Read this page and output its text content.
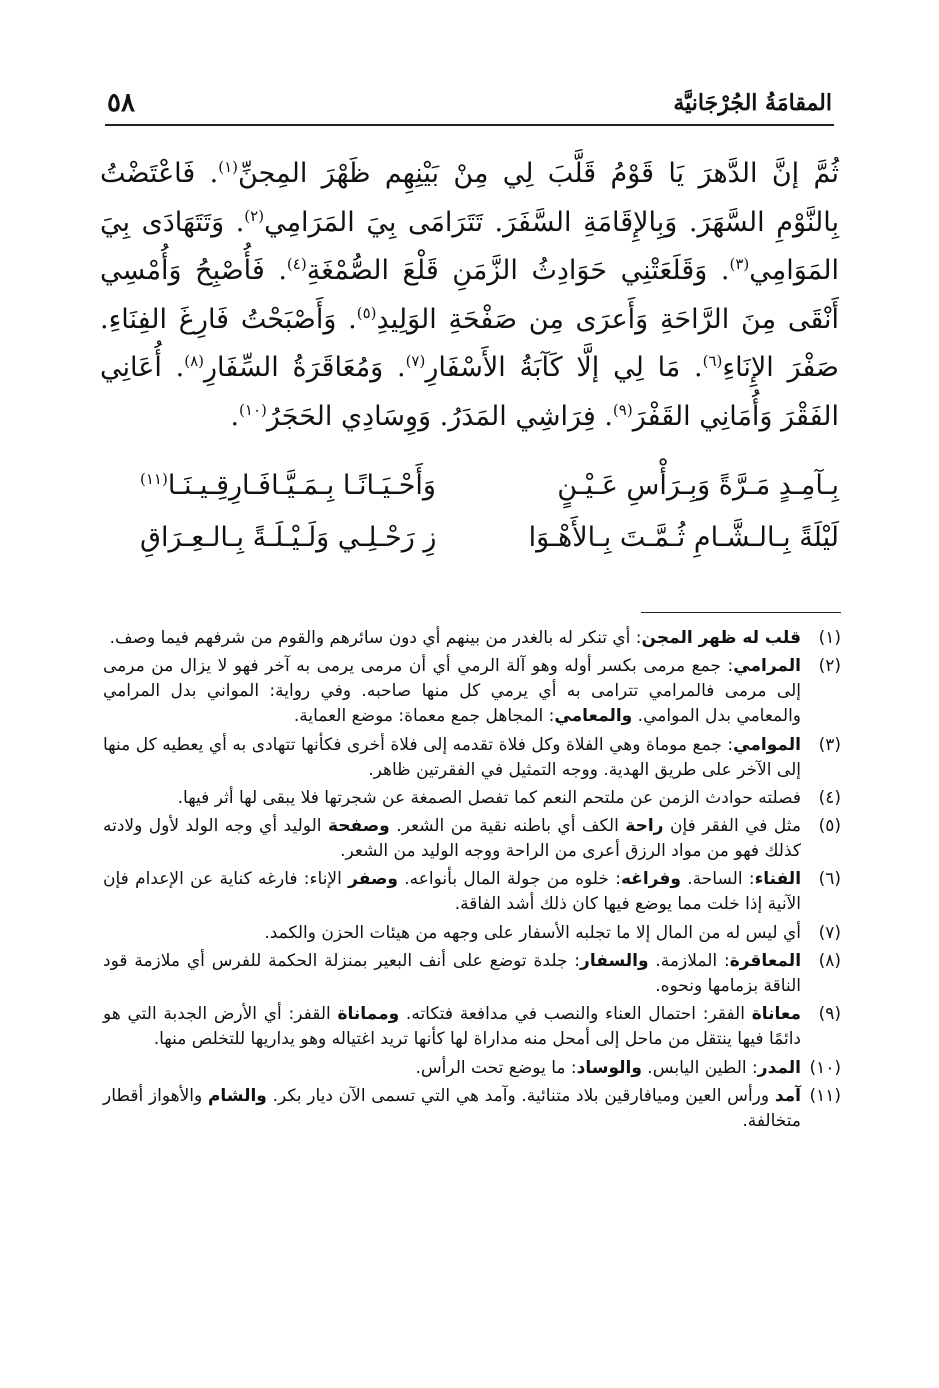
٥٨	المقامَةُ الجُرْجَانيَّة

ثُمَّ إنَّ الدَّهرَ يَا قَوْمُ قَلَّبَ لِي مِنْ بَيْنِهِم ظَهْرَ المِجنِّ$^{(١)}$. فَاعْتَضْتُ بِالنَّوْمِ السَّهَرَ. وَبِالإِقَامَةِ السَّفَرَ. تَتَرَامَى بِيَ المَرَامِي$^{(٢)}$. وَتَتَهَادَى بِيَ المَوَامِي$^{(٣)}$. وَقَلَعَتْنِي حَوَادِثُ الزَّمَنِ قَلْعَ الصُّمْغَةِ$^{(٤)}$. فَأُصْبِحُ وَأُمْسِي أَنْقَى مِنَ الرَّاحَةِ وَأَعرَى مِن صَفْحَةِ الوَلِيدِ$^{(٥)}$. وَأَصْبَحْتُ فَارِغَ الفِنَاءِ. صَفْرَ الإِنَاءِ$^{(٦)}$. مَا لِي إلَّا كَآبَةُ الأَسْفَارِ$^{(٧)}$. وَمُعَاقَرَةُ السِّفَارِ$^{(٨)}$. أُعَانِي الفَقْرَ وَأُمَانِي القَفْرَ$^{(٩)}$. فِرَاشِي المَدَرُ. وَوِسَادِي الحَجَرُ$^{(١٠)}$.

بِـآمِـدٍ مَـرَّةً وَبِـرَأْسِ عَـيْـنٍ
وَأَحْـيَـانًـا بِـمَـيَّـافَـارِقِـيـنَـا$^{(١١)}$
لَيْلَةً بِـالـشَّـامِ ثُـمَّـتَ بِـالأَهْـوَا
زِ رَحْـلِـي وَلَـيْـلَـةً بِـالـعِـرَاقِ
(١)
قلب له ظهر المجن: أي تنكر له بالغدر من بينهم أي دون سائرهم والقوم من شرفهم فيما وصف.
(٢)
المرامي: جمع مرمى بكسر أوله وهو آلة الرمي أي أن مرمى يرمى به آخر فهو لا يزال من مرمى إلى مرمى فالمرامي تترامى به أي يرمي كل منها صاحبه. وفي رواية: المواني بدل المرامي والمعامي بدل الموامي. والمعامي: المجاهل جمع معماة: موضع العماية.
(٣)
الموامي: جمع موماة وهي الفلاة وكل فلاة تقدمه إلى فلاة أخرى فكأنها تتهادى به أي يعطيه كل منها إلى الآخر على طريق الهدية. ووجه التمثيل في الفقرتين ظاهر.
(٤)
فصلته حوادث الزمن عن ملتحم النعم كما تفصل الصمغة عن شجرتها فلا يبقى لها أثر فيها.
(٥)
مثل في الفقر فإن راحة الكف أي باطنه نقية من الشعر. وصفحة الوليد أي وجه الولد لأول ولادته كذلك فهو من مواد الرزق أعرى من الراحة ووجه الوليد من الشعر.
(٦)
الفناء: الساحة. وفراغه: خلوه من جولة المال بأنواعه. وصفر الإناء: فارغه كناية عن الإعدام فإن الآنية إذا خلت مما يوضع فيها كان ذلك أشد الفاقة.
(٧)
أي ليس له من المال إلا ما تجلبه الأسفار على وجهه من هيئات الحزن والكمد.
(٨)
المعاقرة: الملازمة. والسفار: جلدة توضع على أنف البعير بمنزلة الحكمة للفرس أي ملازمة قود الناقة بزمامها ونحوه.
(٩)
معاناة الفقر: احتمال العناء والنصب في مدافعة فتكاته. ومماناة القفر: أي الأرض الجدبة التي هو دائمًا فيها ينتقل من ماحل إلى أمحل منه مداراة لها كأنها تريد اغتياله وهو يداريها للتخلص منها.
(١٠)
المدر: الطين اليابس. والوساد: ما يوضع تحت الرأس.
(١١)
آمد ورأس العين وميافارقين بلاد متنائية. وآمد هي التي تسمى الآن ديار بكر. والشام والأهواز أقطار متخالفة.
